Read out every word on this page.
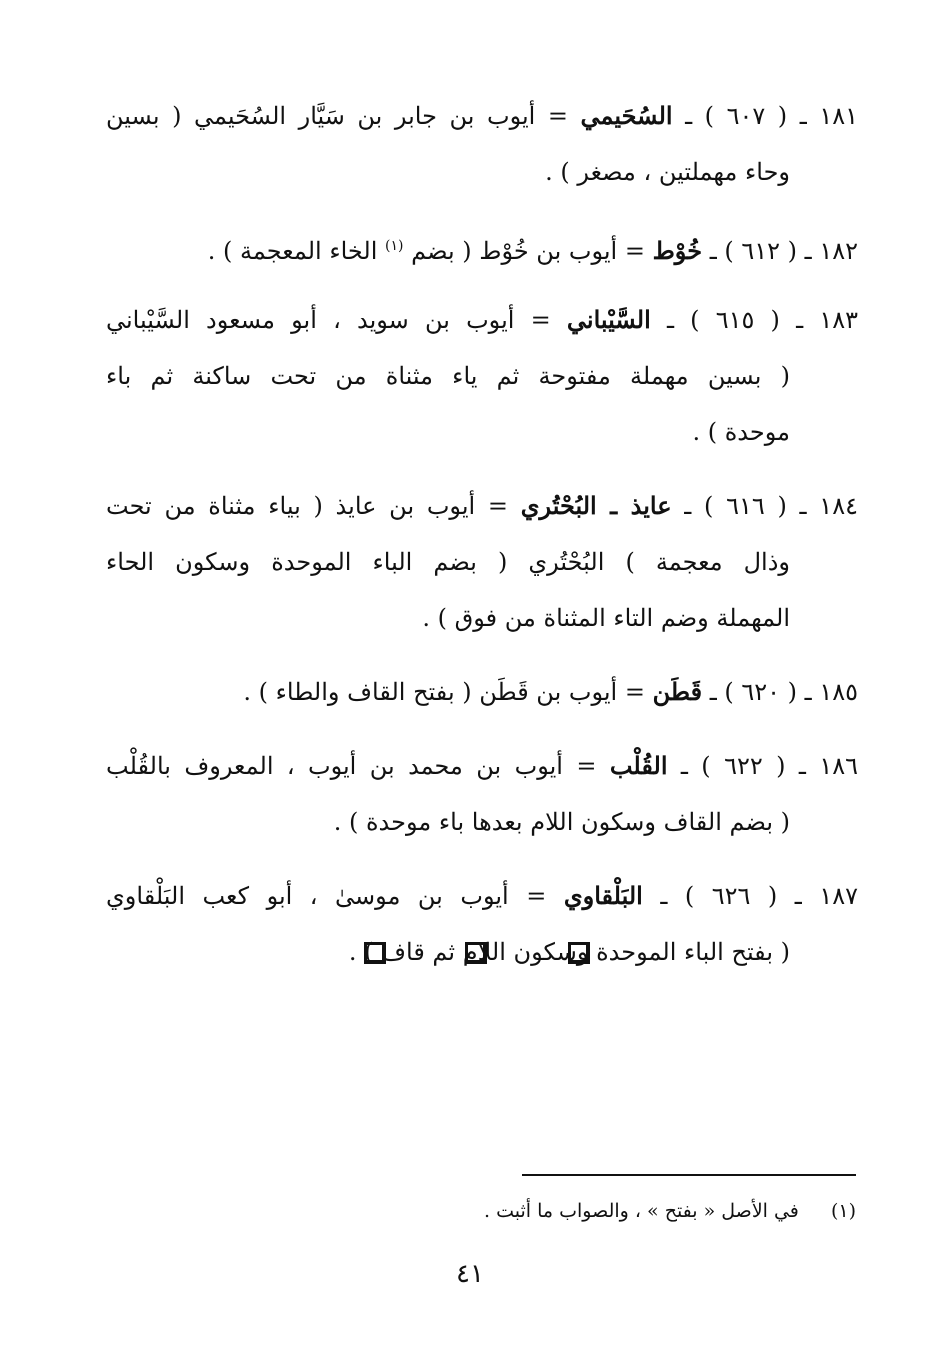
١٨١ ـ ( ٦٠٧ ) ـ السُحَيمي = أيوب بن جابر بن سَيَّار السُحَيمي ( بسين
وحاء مهملتين ، مصغر ) .
١٨٢ ـ ( ٦١٢ ) ـ خُوْط = أيوب بن خُوْط ( بضم $^{(١)}$ الخاء المعجمة ) .
١٨٣ ـ ( ٦١٥ ) ـ السَّيْباني = أيوب بن سويد ، أبو مسعود السَّيْباني
( بسين مهملة مفتوحة ثم ياء مثناة من تحت ساكنة ثم باء
موحدة ) .
١٨٤ ـ ( ٦١٦ ) ـ عايذ ـ البُحْتُري = أيوب بن عايذ ( بياء مثناة من تحت
وذال معجمة ) البُحْتُري ( بضم الباء الموحدة وسكون الحاء
المهملة وضم التاء المثناة من فوق ) .
١٨٥ ـ ( ٦٢٠ ) ـ قَطَن = أيوب بن قَطَن ( بفتح القاف والطاء ) .
١٨٦ ـ ( ٦٢٢ ) ـ القُلْب = أيوب بن محمد بن أيوب ، المعروف بالقُلْب
( بضم القاف وسكون اللام بعدها باء موحدة ) .
١٨٧ ـ ( ٦٢٦ ) ـ البَلْقاوي = أيوب بن موسىٰ ، أبو كعب البَلْقاوي
( بفتح الباء الموحدة وسكون اللام ثم قاف ) .
(١) في الأصل « بفتح » ، والصواب ما أثبت .
٤١
